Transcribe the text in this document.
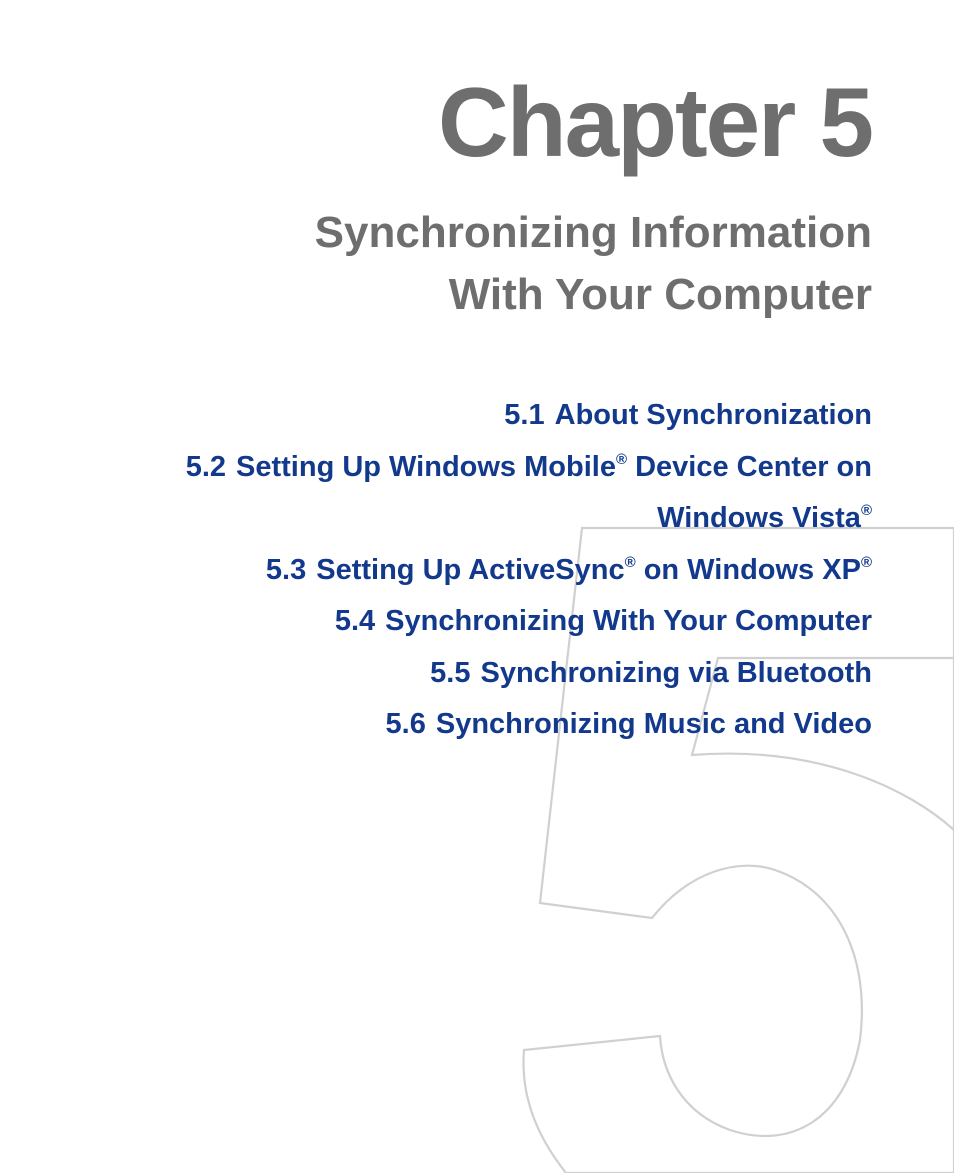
Chapter 5
Synchronizing Information
With Your Computer
5.1 About Synchronization
5.2 Setting Up Windows Mobile® Device Center on
Windows Vista®
5.3 Setting Up ActiveSync® on Windows XP®
5.4 Synchronizing With Your Computer
5.5 Synchronizing via Bluetooth
5.6 Synchronizing Music and Video
